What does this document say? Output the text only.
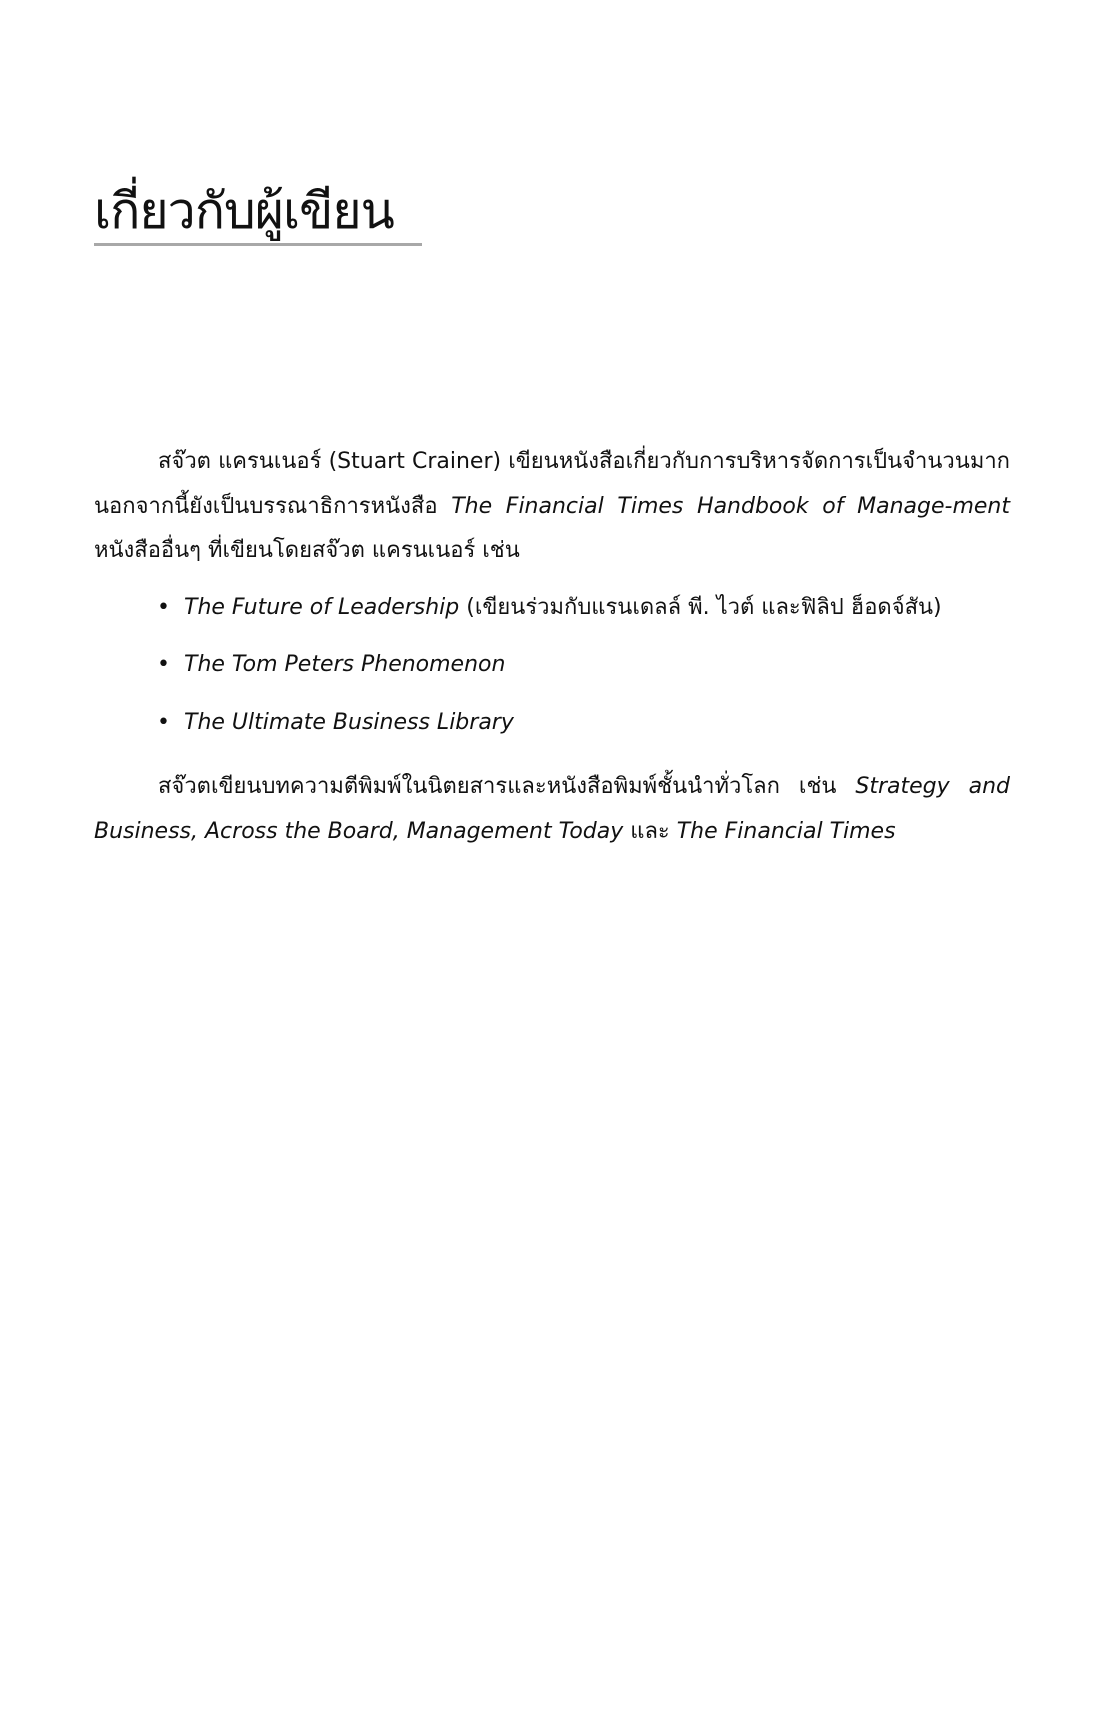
เกี่ยวกับผู้เขียน

สจ๊วต แครนเนอร์ (Stuart Crainer) เขียนหนังสือเกี่ยวกับการบริหารจัดการเป็นจำนวนมาก นอกจากนี้ยังเป็นบรรณาธิการหนังสือ The Financial Times Handbook of Manage-ment หนังสืออื่นๆ ที่เขียนโดยสจ๊วต แครนเนอร์ เช่น

• The Future of Leadership (เขียนร่วมกับแรนเดลล์ พี. ไวต์ และฟิลิป ฮ็อดจ์สัน)
• The Tom Peters Phenomenon
• The Ultimate Business Library

สจ๊วตเขียนบทความตีพิมพ์ในนิตยสารและหนังสือพิมพ์ชั้นนำทั่วโลก เช่น Strategy and Business, Across the Board, Management Today และ The Financial Times
